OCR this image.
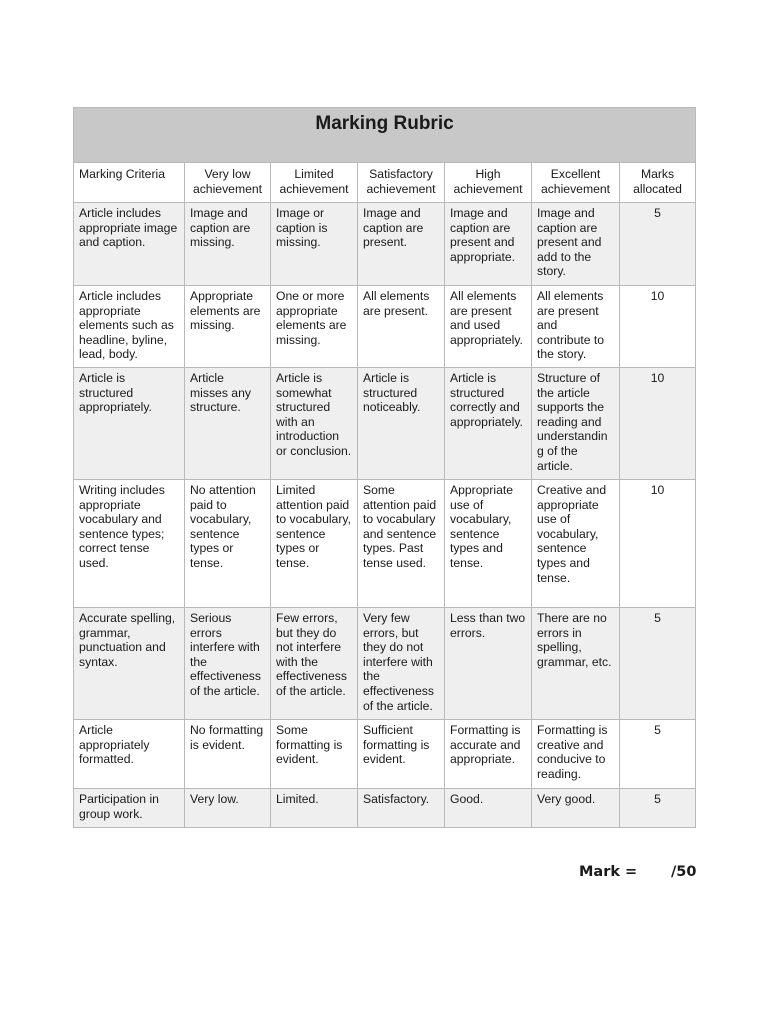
Marking Rubric						
Marking Criteria	Very low achievement	Limited achievement	Satisfactory achievement	High achievement	Excellent achievement	Marks allocated
Article includes appropriate image and caption.	Image and caption are missing.	Image or caption is missing.	Image and caption are present.	Image and caption are present and appropriate.	Image and caption are present and add to the story.	5
Article includes appropriate elements such as headline, byline, lead, body.	Appropriate elements are missing.	One or more appropriate elements are missing.	All elements are present.	All elements are present and used appropriately.	All elements are present and contribute to the story.	10
Article is structured appropriately.	Article misses any structure.	Article is somewhat structured with an introduction or conclusion.	Article is structured noticeably.	Article is structured correctly and appropriately.	Structure of the article supports the reading and understanding of the article.	10
Writing includes appropriate vocabulary and sentence types; correct tense used.	No attention paid to vocabulary, sentence types or tense.	Limited attention paid to vocabulary, sentence types or tense.	Some attention paid to vocabulary and sentence types. Past tense used.	Appropriate use of vocabulary, sentence types and tense.	Creative and appropriate use of vocabulary, sentence types and tense.	10
Accurate spelling, grammar, punctuation and syntax.	Serious errors interfere with the effectiveness of the article.	Few errors, but they do not interfere with the effectiveness of the article.	Very few errors, but they do not interfere with the effectiveness of the article.	Less than two errors.	There are no errors in spelling, grammar, etc.	5
Article appropriately formatted.	No formatting is evident.	Some formatting is evident.	Sufficient formatting is evident.	Formatting is accurate and appropriate.	Formatting is creative and conducive to reading.	5
Participation in group work.	Very low.	Limited.	Satisfactory.	Good.	Very good.	5
Mark = /50
